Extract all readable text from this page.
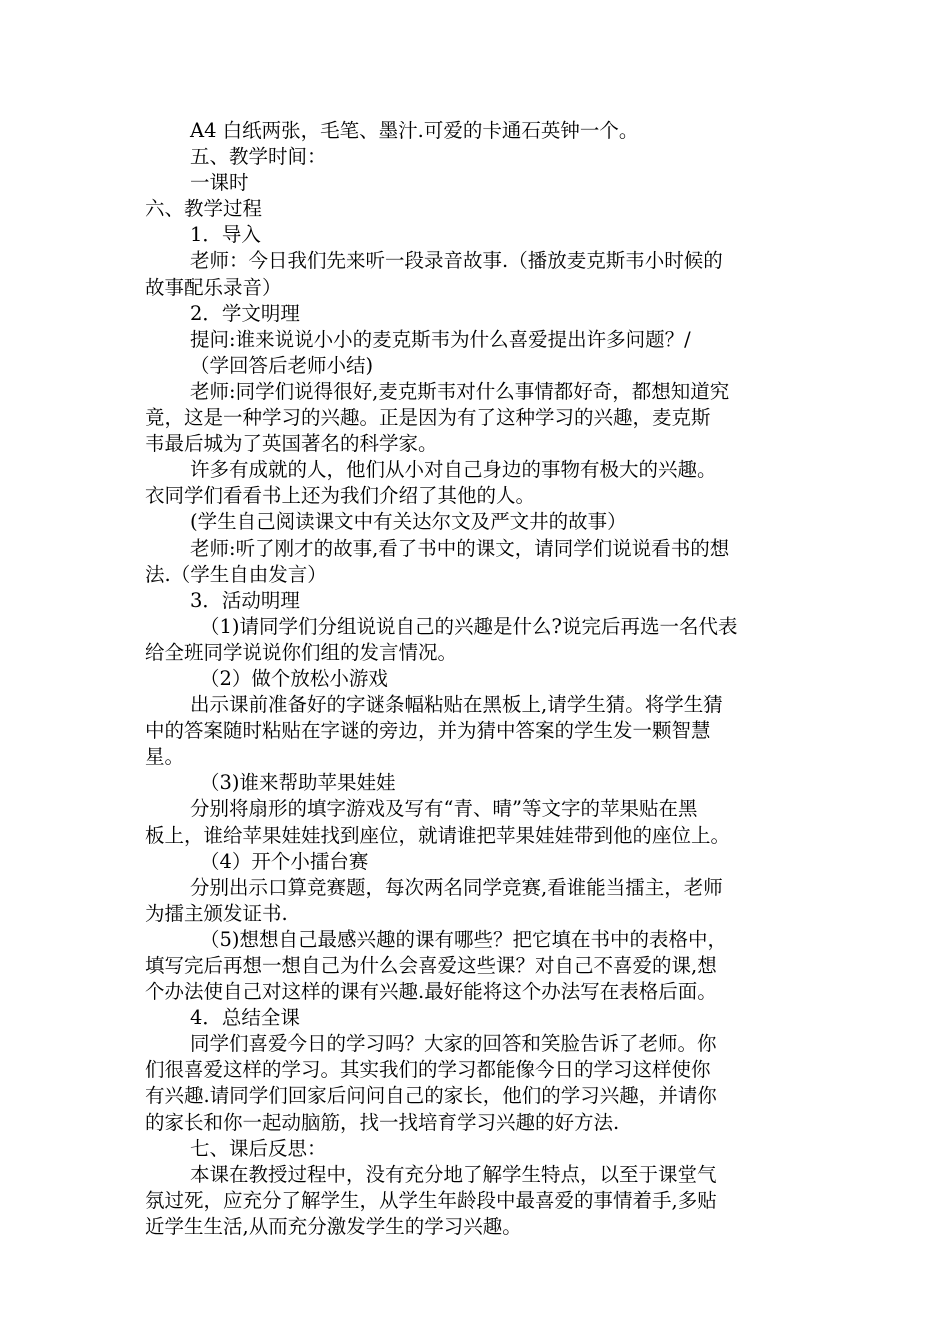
A4 白纸两张，毛笔、墨汁.可爱的卡通石英钟一个。
五、教学时间：
一课时
六、教学过程
1．导入
老师：今日我们先来听一段录音故事.（播放麦克斯韦小时候的
故事配乐录音）
2．学文明理
提问:谁来说说小小的麦克斯韦为什么喜爱提出许多问题？/
（学回答后老师小结)
老师:同学们说得很好,麦克斯韦对什么事情都好奇，都想知道究
竟，这是一种学习的兴趣。正是因为有了这种学习的兴趣，麦克斯
韦最后城为了英国著名的科学家。
许多有成就的人，他们从小对自己身边的事物有极大的兴趣。
衣同学们看看书上还为我们介绍了其他的人。
(学生自己阅读课文中有关达尔文及严文井的故事）
老师:听了刚才的故事,看了书中的课文，请同学们说说看书的想
法.（学生自由发言）
3．活动明理
（1)请同学们分组说说自己的兴趣是什么?说完后再选一名代表
给全班同学说说你们组的发言情况。
（2）做个放松小游戏
出示课前准备好的字谜条幅粘贴在黑板上,请学生猜。将学生猜
中的答案随时粘贴在字谜的旁边，并为猜中答案的学生发一颗智慧
星。
（3)谁来帮助苹果娃娃
分别将扇形的填字游戏及写有“青、晴”等文字的苹果贴在黑
板上，谁给苹果娃娃找到座位，就请谁把苹果娃娃带到他的座位上。
（4）开个小擂台赛
分别出示口算竞赛题，每次两名同学竞赛,看谁能当擂主，老师
为擂主颁发证书.
（5)想想自己最感兴趣的课有哪些？把它填在书中的表格中，
填写完后再想一想自己为什么会喜爱这些课？对自己不喜爱的课,想
个办法使自己对这样的课有兴趣.最好能将这个办法写在表格后面。
4．总结全课
同学们喜爱今日的学习吗？大家的回答和笑脸告诉了老师。你
们很喜爱这样的学习。其实我们的学习都能像今日的学习这样使你
有兴趣.请同学们回家后问问自己的家长，他们的学习兴趣，并请你
的家长和你一起动脑筋，找一找培育学习兴趣的好方法.
七、课后反思：
本课在教授过程中，没有充分地了解学生特点，以至于课堂气
氛过死，应充分了解学生，从学生年龄段中最喜爱的事情着手,多贴
近学生生活,从而充分激发学生的学习兴趣。
